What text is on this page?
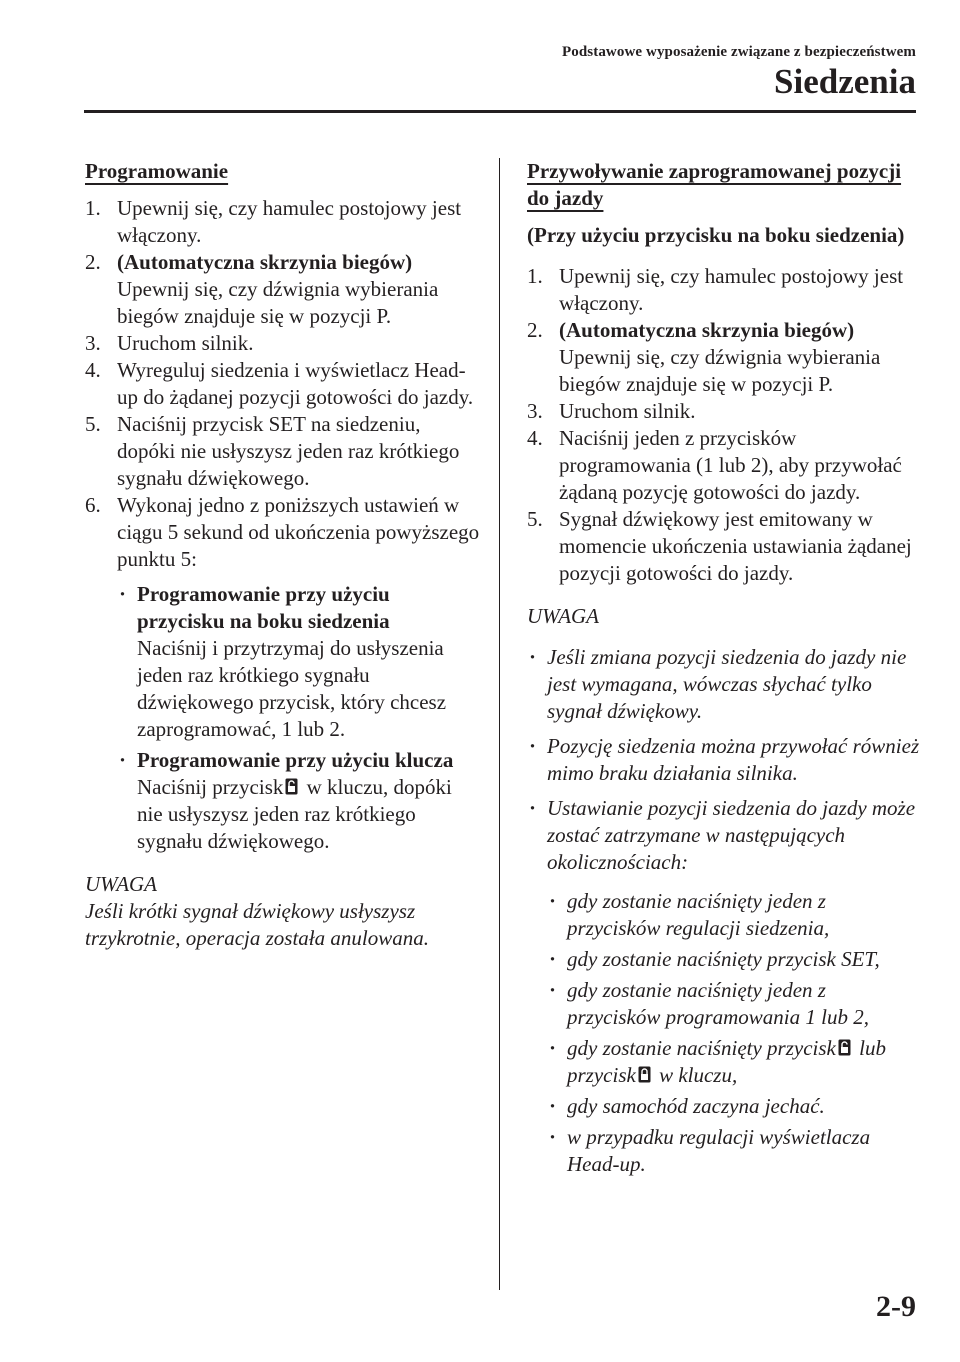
Podstawowe wyposażenie związane z bezpieczeństwem
Siedzenia
Programowanie
1. Upewnij się, czy hamulec postojowy jest włączony.
2. (Automatyczna skrzynia biegów)
Upewnij się, czy dźwignia wybierania biegów znajduje się w pozycji P.
3. Uruchom silnik.
4. Wyreguluj siedzenia i wyświetlacz Head-up do żądanej pozycji gotowości do jazdy.
5. Naciśnij przycisk SET na siedzeniu, dopóki nie usłyszysz jeden raz krótkiego sygnału dźwiękowego.
6. Wykonaj jedno z poniższych ustawień w ciągu 5 sekund od ukończenia powyższego punktu 5:
· Programowanie przy użyciu przycisku na boku siedzenia
Naciśnij i przytrzymaj do usłyszenia jeden raz krótkiego sygnału dźwiękowego przycisk, który chcesz zaprogramować, 1 lub 2.
· Programowanie przy użyciu klucza
Naciśnij przycisk w kluczu, dopóki nie usłyszysz jeden raz krótkiego sygnału dźwiękowego.
UWAGA
Jeśli krótki sygnał dźwiękowy usłyszysz trzykrotnie, operacja została anulowana.
Przywoływanie zaprogramowanej pozycji do jazdy
(Przy użyciu przycisku na boku siedzenia)
1. Upewnij się, czy hamulec postojowy jest włączony.
2. (Automatyczna skrzynia biegów)
Upewnij się, czy dźwignia wybierania biegów znajduje się w pozycji P.
3. Uruchom silnik.
4. Naciśnij jeden z przycisków programowania (1 lub 2), aby przywołać żądaną pozycję gotowości do jazdy.
5. Sygnał dźwiękowy jest emitowany w momencie ukończenia ustawiania żądanej pozycji gotowości do jazdy.
UWAGA
· Jeśli zmiana pozycji siedzenia do jazdy nie jest wymagana, wówczas słychać tylko sygnał dźwiękowy.
· Pozycję siedzenia można przywołać również mimo braku działania silnika.
· Ustawianie pozycji siedzenia do jazdy może zostać zatrzymane w następujących okolicznościach:
· gdy zostanie naciśnięty jeden z przycisków regulacji siedzenia,
· gdy zostanie naciśnięty przycisk SET,
· gdy zostanie naciśnięty jeden z przycisków programowania 1 lub 2,
· gdy zostanie naciśnięty przycisk lub przycisk w kluczu,
· gdy samochód zaczyna jechać.
· w przypadku regulacji wyświetlacza Head-up.
2-9
